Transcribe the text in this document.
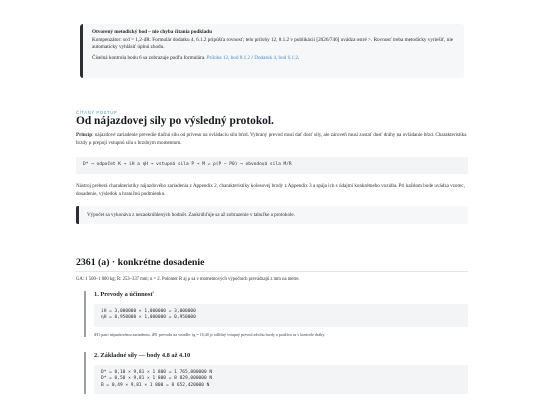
Otvorený metodický bod – nie chyba čítania podkladu
Kompenzátor: scd = 1,2·dR. Formulár dodatku 4, 6.1.2 pripúšťa rovnosť; telo prílohy 12, 8.1.2 v publikácii [2026/746] uvádza ostré >. Rovnosť treba metodicky vyriešiť, nie automaticky vyhlásiť úplnú zhodu.
Číselná kontrola bodu 6 sa zobrazuje podľa formulára. Príloha 12, bod 8.1.2 / Dodatok 4, bod 6.1.2.
ČÍTANÝ POSTUP
Od nájazdovej sily po výsledný protokol.
Princíp: nájazdové zariadenie prevedie tlačnú silu od prívesu na ovládaciu silu bŕzd. Vybraný prevod musí dať dosť sily, ale zároveň musí zostať dosť dráhy na ovládanie bŕzd. Charakteristika brzdy ρ prepojí vstupnú silu s brzdným momentom.
D* → odpočet K → iH a ηH → vstupná sila P → M = ρ(P − P0) → obvodová sila M/R
Nástroj preberá charakteristiky nájazdového zariadenia z Appendix 2, charakteristiky kolesovej brzdy z Appendix 3 a spája ich s údajmi konkrétneho vozidla. Pri každom bode uvádza vzorec, dosadenie, výsledok a hraničnú podmienku.
Výpočet sa vykonáva z nezaokrúhlených hodnôt. Zaokrúhľuje sa až zobrazenie v tabuľke a protokole.
2361 (a) · konkrétne dosadenie
GA: 1 500–1 800 kg; R: 253–337 mm; n = 2. Polomer R aj ρ sa v momentových výpočtoch prevádzajú z mm na metre.
1. Prevody a účinnosť
iH = 3,000000 × 1,000000 = 3,000000
ηH = 0,950000 × 1,000000 = 0,950000
iH1 patrí nájazdovému zariadeniu, iH1 prevodu na vozidle. ig = 16,40 je odlišný vstupný prevod zdvihu brzdy a používa sa v kontrole dráhy.
2. Základné sily — body 4.8 až 4.10
D* = 0,10 × 9,81 × 1 800 = 1 765,800000 N
D* = 0,50 × 9,81 × 1 800 = 8 829,000000 N
B = 0,49 × 9,81 × 1 800 = 8 652,420000 N
